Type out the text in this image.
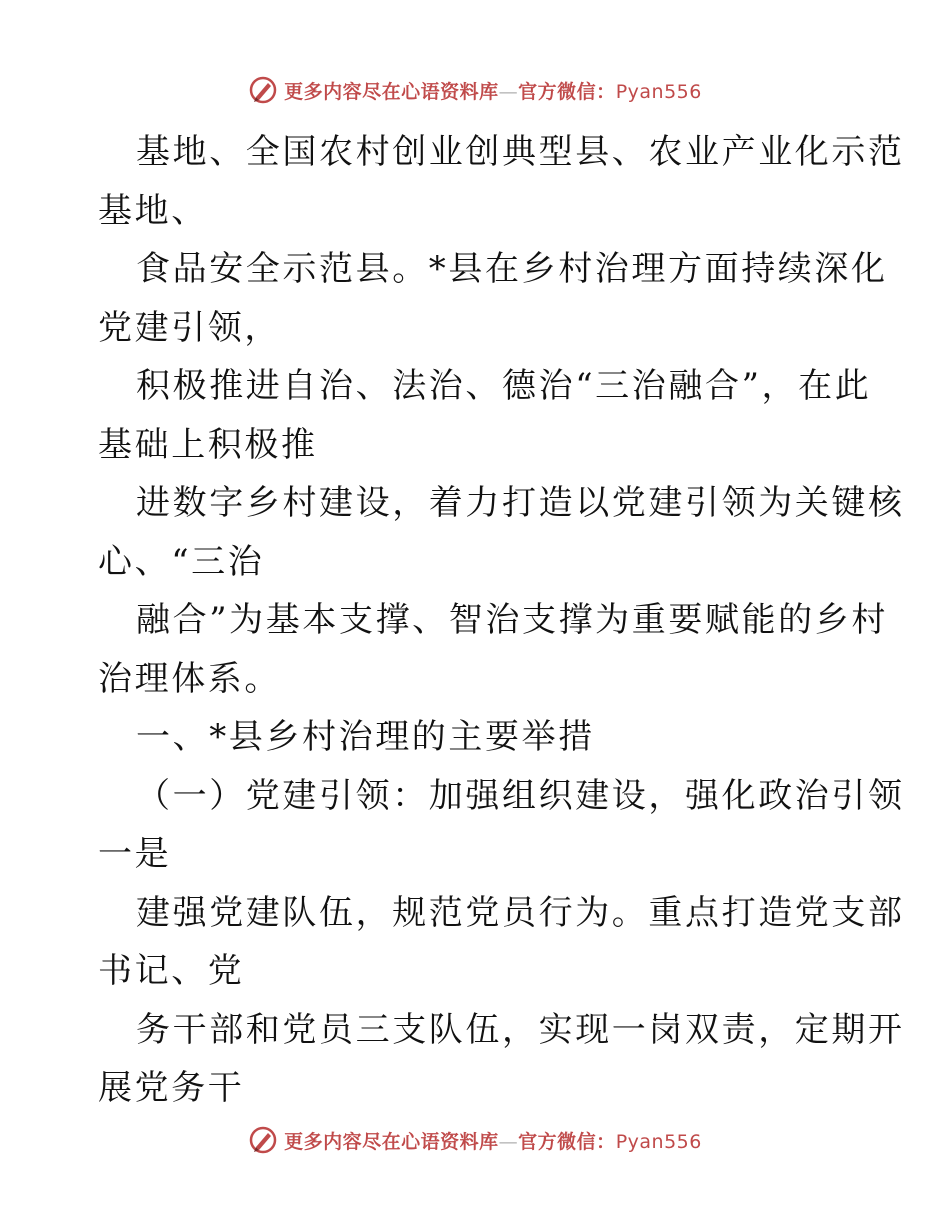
更多内容尽在心语资料库—官方微信：Pyan556
基地、全国农村创业创典型县、农业产业化示范
基地、
食品安全示范县。*县在乡村治理方面持续深化
党建引领，
积极推进自治、法治、德治“三治融合”，在此
基础上积极推
进数字乡村建设，着力打造以党建引领为关键核
心、“三治
融合”为基本支撑、智治支撑为重要赋能的乡村
治理体系。
一、*县乡村治理的主要举措
（一）党建引领：加强组织建设，强化政治引领
一是
建强党建队伍，规范党员行为。重点打造党支部
书记、党
务干部和党员三支队伍，实现一岗双责，定期开
展党务干
更多内容尽在心语资料库—官方微信：Pyan556
